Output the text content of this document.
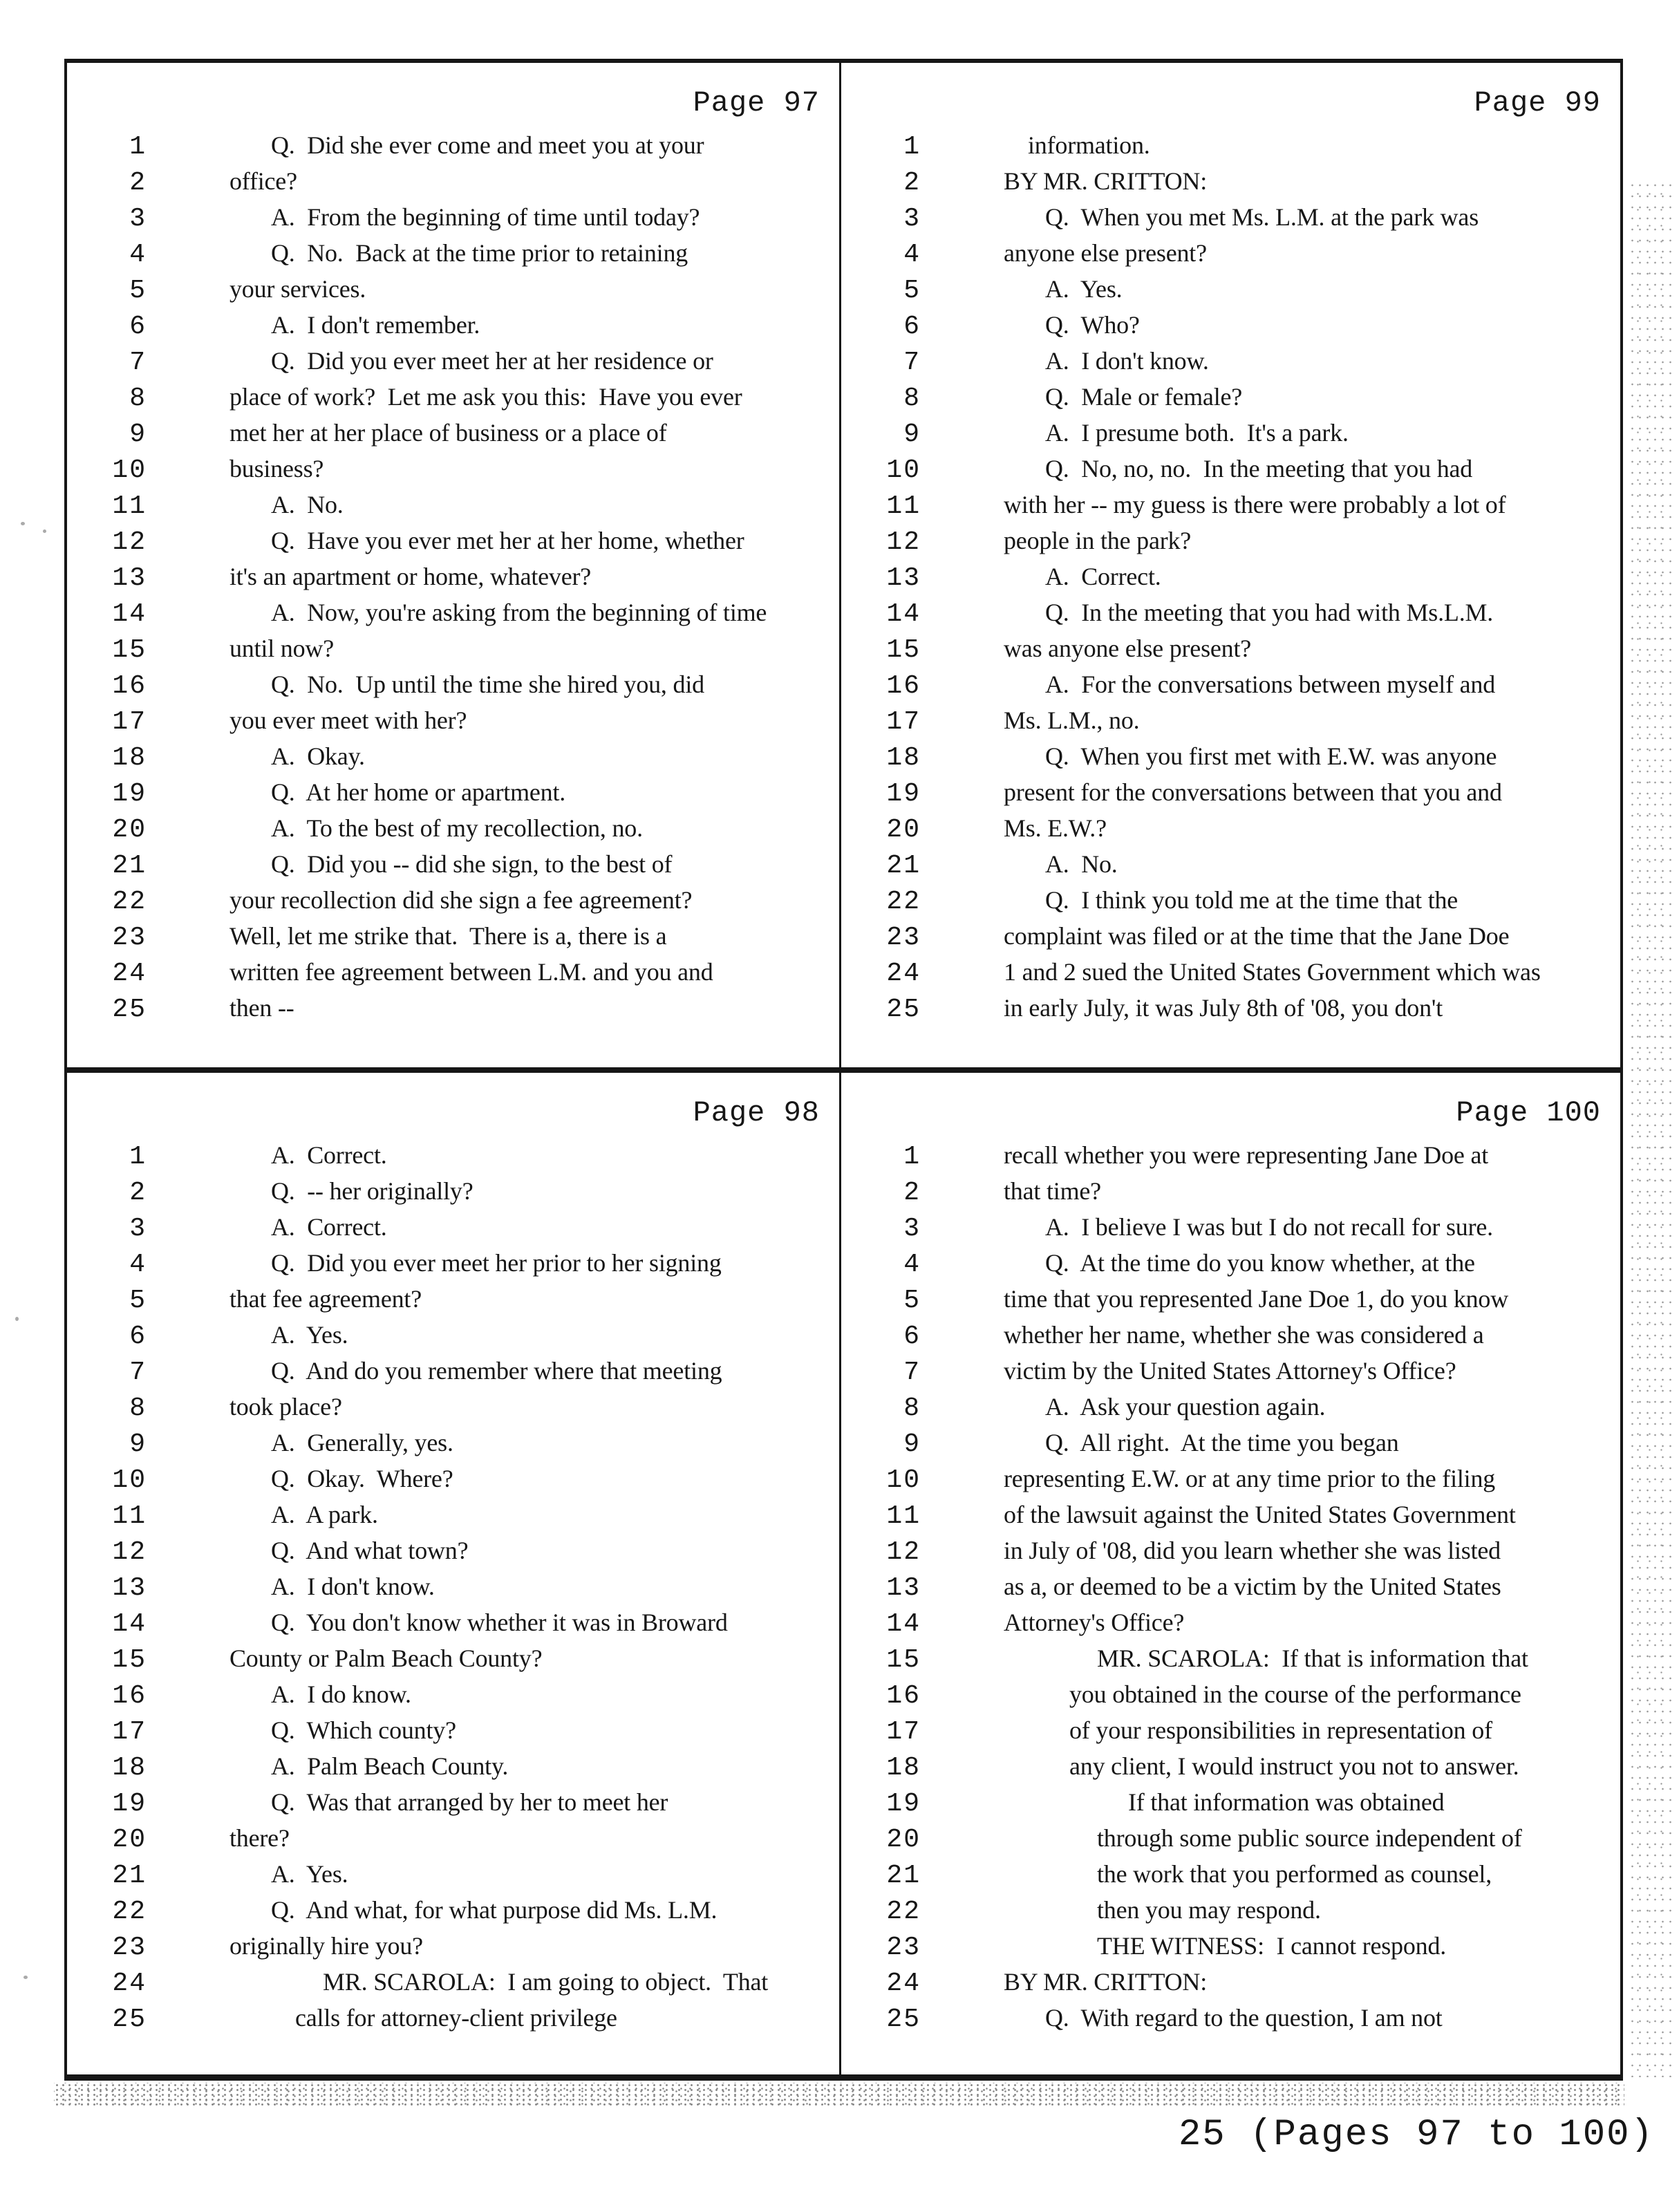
Page 97
1	Q.  Did she ever come and meet you at your
2	office?
3	A.  From the beginning of time until today?
4	Q.  No.  Back at the time prior to retaining
5	your services.
6	A.  I don't remember.
7	Q.  Did you ever meet her at her residence or
8	place of work?  Let me ask you this:  Have you ever
9	met her at her place of business or a place of
10	business?
11	A.  No.
12	Q.  Have you ever met her at her home, whether
13	it's an apartment or home, whatever?
14	A.  Now, you're asking from the beginning of time
15	until now?
16	Q.  No.  Up until the time she hired you, did
17	you ever meet with her?
18	A.  Okay.
19	Q.  At her home or apartment.
20	A.  To the best of my recollection, no.
21	Q.  Did you -- did she sign, to the best of
22	your recollection did she sign a fee agreement?
23	Well, let me strike that.  There is a, there is a
24	written fee agreement between L.M. and you and
25	then --
Page 99
1	information.
2	BY MR. CRITTON:
3	Q.  When you met Ms. L.M. at the park was
4	anyone else present?
5	A.  Yes.
6	Q.  Who?
7	A.  I don't know.
8	Q.  Male or female?
9	A.  I presume both.  It's a park.
10	Q.  No, no, no.  In the meeting that you had
11	with her -- my guess is there were probably a lot of
12	people in the park?
13	A.  Correct.
14	Q.  In the meeting that you had with Ms.L.M.
15	was anyone else present?
16	A.  For the conversations between myself and
17	Ms. L.M., no.
18	Q.  When you first met with E.W. was anyone
19	present for the conversations between that you and
20	Ms. E.W.?
21	A.  No.
22	Q.  I think you told me at the time that the
23	complaint was filed or at the time that the Jane Doe
24	1 and 2 sued the United States Government which was
25	in early July, it was July 8th of '08, you don't
Page 98
1	A.  Correct.
2	Q.  -- her originally?
3	A.  Correct.
4	Q.  Did you ever meet her prior to her signing
5	that fee agreement?
6	A.  Yes.
7	Q.  And do you remember where that meeting
8	took place?
9	A.  Generally, yes.
10	Q.  Okay.  Where?
11	A.  A park.
12	Q.  And what town?
13	A.  I don't know.
14	Q.  You don't know whether it was in Broward
15	County or Palm Beach County?
16	A.  I do know.
17	Q.  Which county?
18	A.  Palm Beach County.
19	Q.  Was that arranged by her to meet her
20	there?
21	A.  Yes.
22	Q.  And what, for what purpose did Ms. L.M.
23	originally hire you?
24	MR. SCAROLA:  I am going to object.  That
25	calls for attorney-client privilege
Page 100
1	recall whether you were representing Jane Doe at
2	that time?
3	A.  I believe I was but I do not recall for sure.
4	Q.  At the time do you know whether, at the
5	time that you represented Jane Doe 1, do you know
6	whether her name, whether she was considered a
7	victim by the United States Attorney's Office?
8	A.  Ask your question again.
9	Q.  All right.  At the time you began
10	representing E.W. or at any time prior to the filing
11	of the lawsuit against the United States Government
12	in July of '08, did you learn whether she was listed
13	as a, or deemed to be a victim by the United States
14	Attorney's Office?
15	MR. SCAROLA:  If that is information that
16	you obtained in the course of the performance
17	of your responsibilities in representation of
18	any client, I would instruct you not to answer.
19	If that information was obtained
20	through some public source independent of
21	the work that you performed as counsel,
22	then you may respond.
23	THE WITNESS:  I cannot respond.
24	BY MR. CRITTON:
25	Q.  With regard to the question, I am not
25 (Pages 97 to 100)
